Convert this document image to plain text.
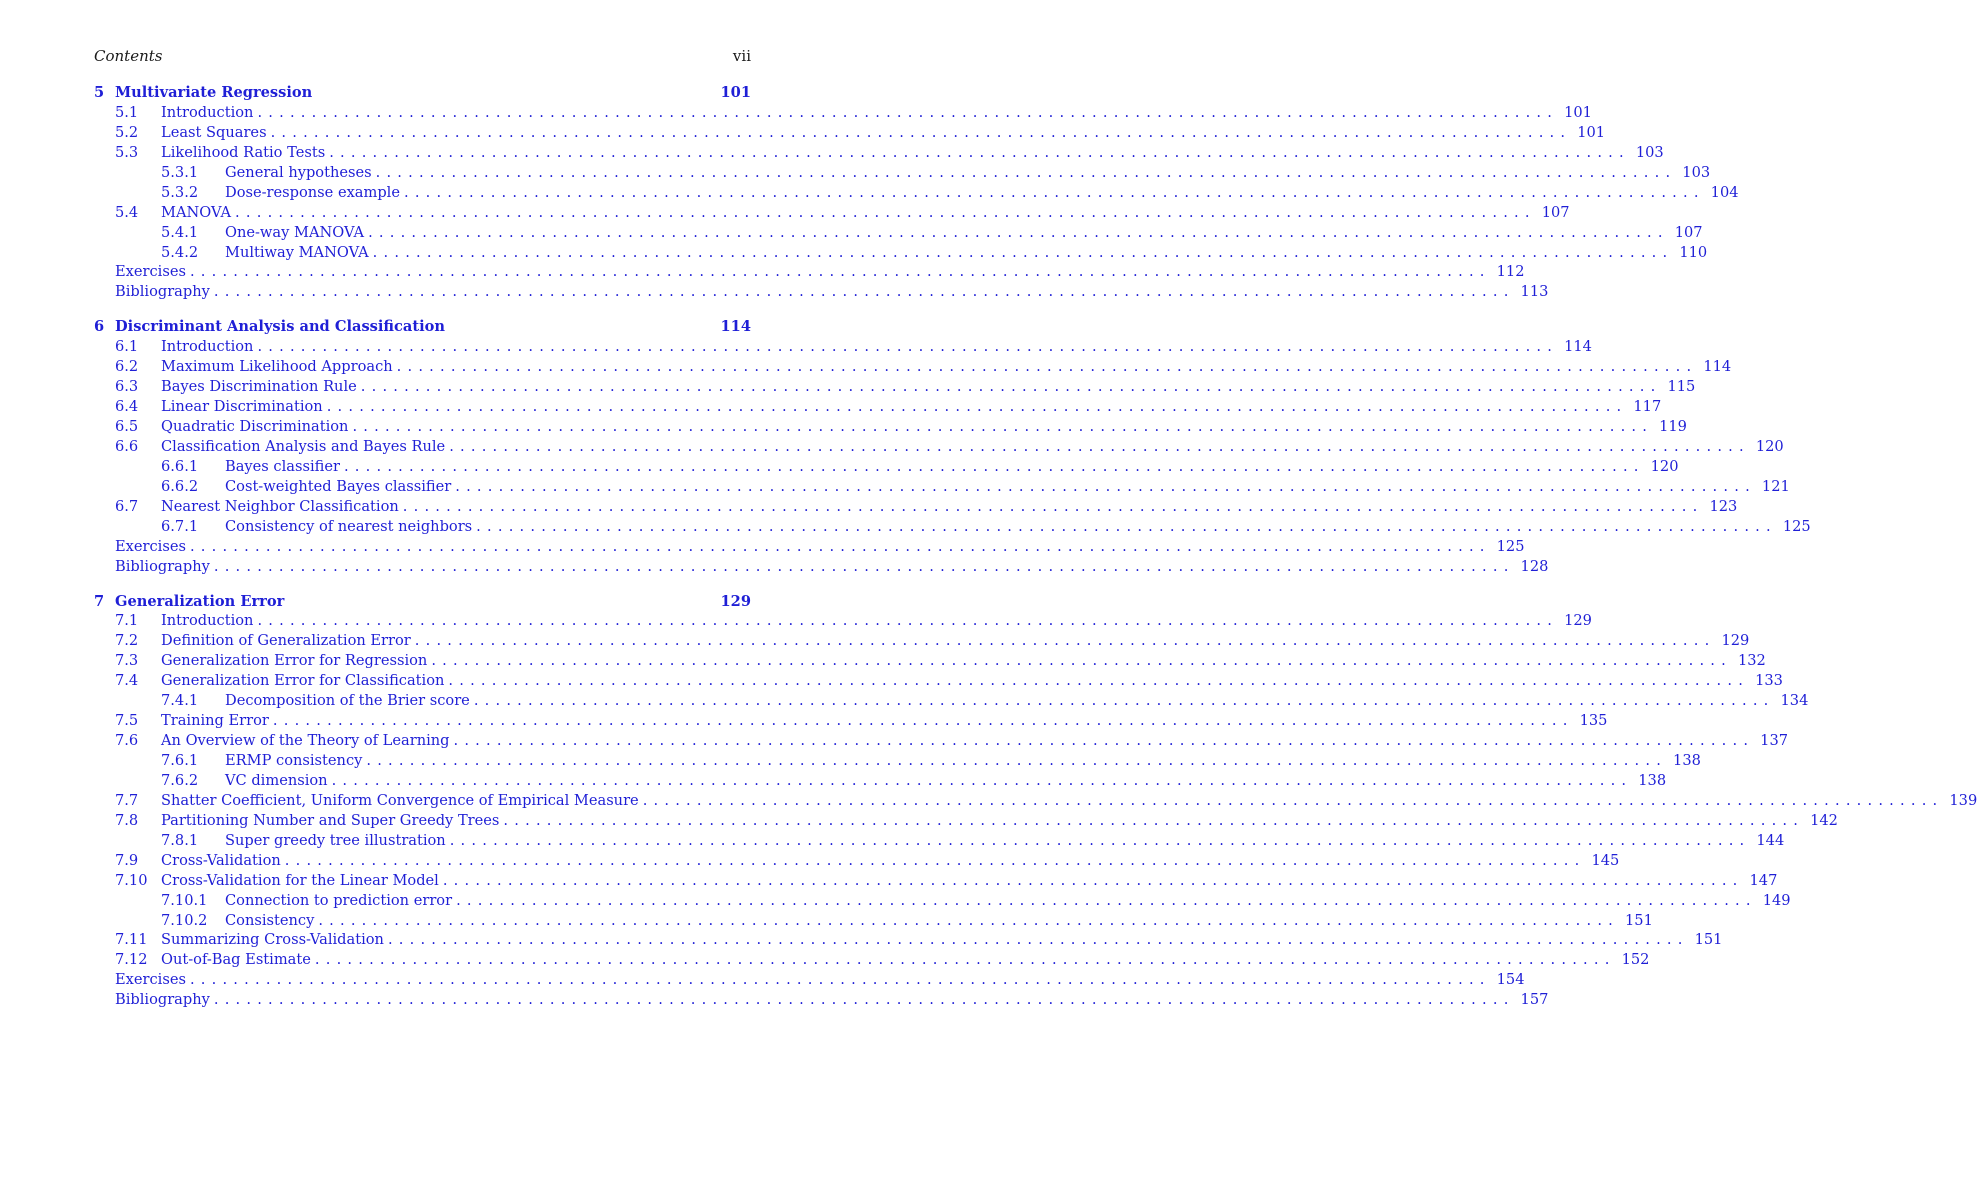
Contents	vii
5 Multivariate Regression	101
5.1 Introduction ........................................................................................................................ 101
5.2 Least Squares ........................................................................................................................ 101
5.3 Likelihood Ratio Tests ........................................................................................................................ 103
5.3.1 General hypotheses ........................................................................................................................ 103
5.3.2 Dose-response example ........................................................................................................................ 104
5.4 MANOVA ........................................................................................................................ 107
5.4.1 One-way MANOVA ........................................................................................................................ 107
5.4.2 Multiway MANOVA ........................................................................................................................ 110
Exercises ........................................................................................................................ 112
Bibliography ........................................................................................................................ 113
6 Discriminant Analysis and Classification	114
6.1 Introduction ........................................................................................................................ 114
6.2 Maximum Likelihood Approach ........................................................................................................................ 114
6.3 Bayes Discrimination Rule ........................................................................................................................ 115
6.4 Linear Discrimination ........................................................................................................................ 117
6.5 Quadratic Discrimination ........................................................................................................................ 119
6.6 Classification Analysis and Bayes Rule ........................................................................................................................ 120
6.6.1 Bayes classifier ........................................................................................................................ 120
6.6.2 Cost-weighted Bayes classifier ........................................................................................................................ 121
6.7 Nearest Neighbor Classification ........................................................................................................................ 123
6.7.1 Consistency of nearest neighbors ........................................................................................................................ 125
Exercises ........................................................................................................................ 125
Bibliography ........................................................................................................................ 128
7 Generalization Error	129
7.1 Introduction ........................................................................................................................ 129
7.2 Definition of Generalization Error ........................................................................................................................ 129
7.3 Generalization Error for Regression ........................................................................................................................ 132
7.4 Generalization Error for Classification ........................................................................................................................ 133
7.4.1 Decomposition of the Brier score ........................................................................................................................ 134
7.5 Training Error ........................................................................................................................ 135
7.6 An Overview of the Theory of Learning ........................................................................................................................ 137
7.6.1 ERMP consistency ........................................................................................................................ 138
7.6.2 VC dimension ........................................................................................................................ 138
7.7 Shatter Coefficient, Uniform Convergence of Empirical Measure ........................................................................................................................ 139
7.8 Partitioning Number and Super Greedy Trees ........................................................................................................................ 142
7.8.1 Super greedy tree illustration ........................................................................................................................ 144
7.9 Cross-Validation ........................................................................................................................ 145
7.10 Cross-Validation for the Linear Model ........................................................................................................................ 147
7.10.1 Connection to prediction error ........................................................................................................................ 149
7.10.2 Consistency ........................................................................................................................ 151
7.11 Summarizing Cross-Validation ........................................................................................................................ 151
7.12 Out-of-Bag Estimate ........................................................................................................................ 152
Exercises ........................................................................................................................ 154
Bibliography ........................................................................................................................ 157
